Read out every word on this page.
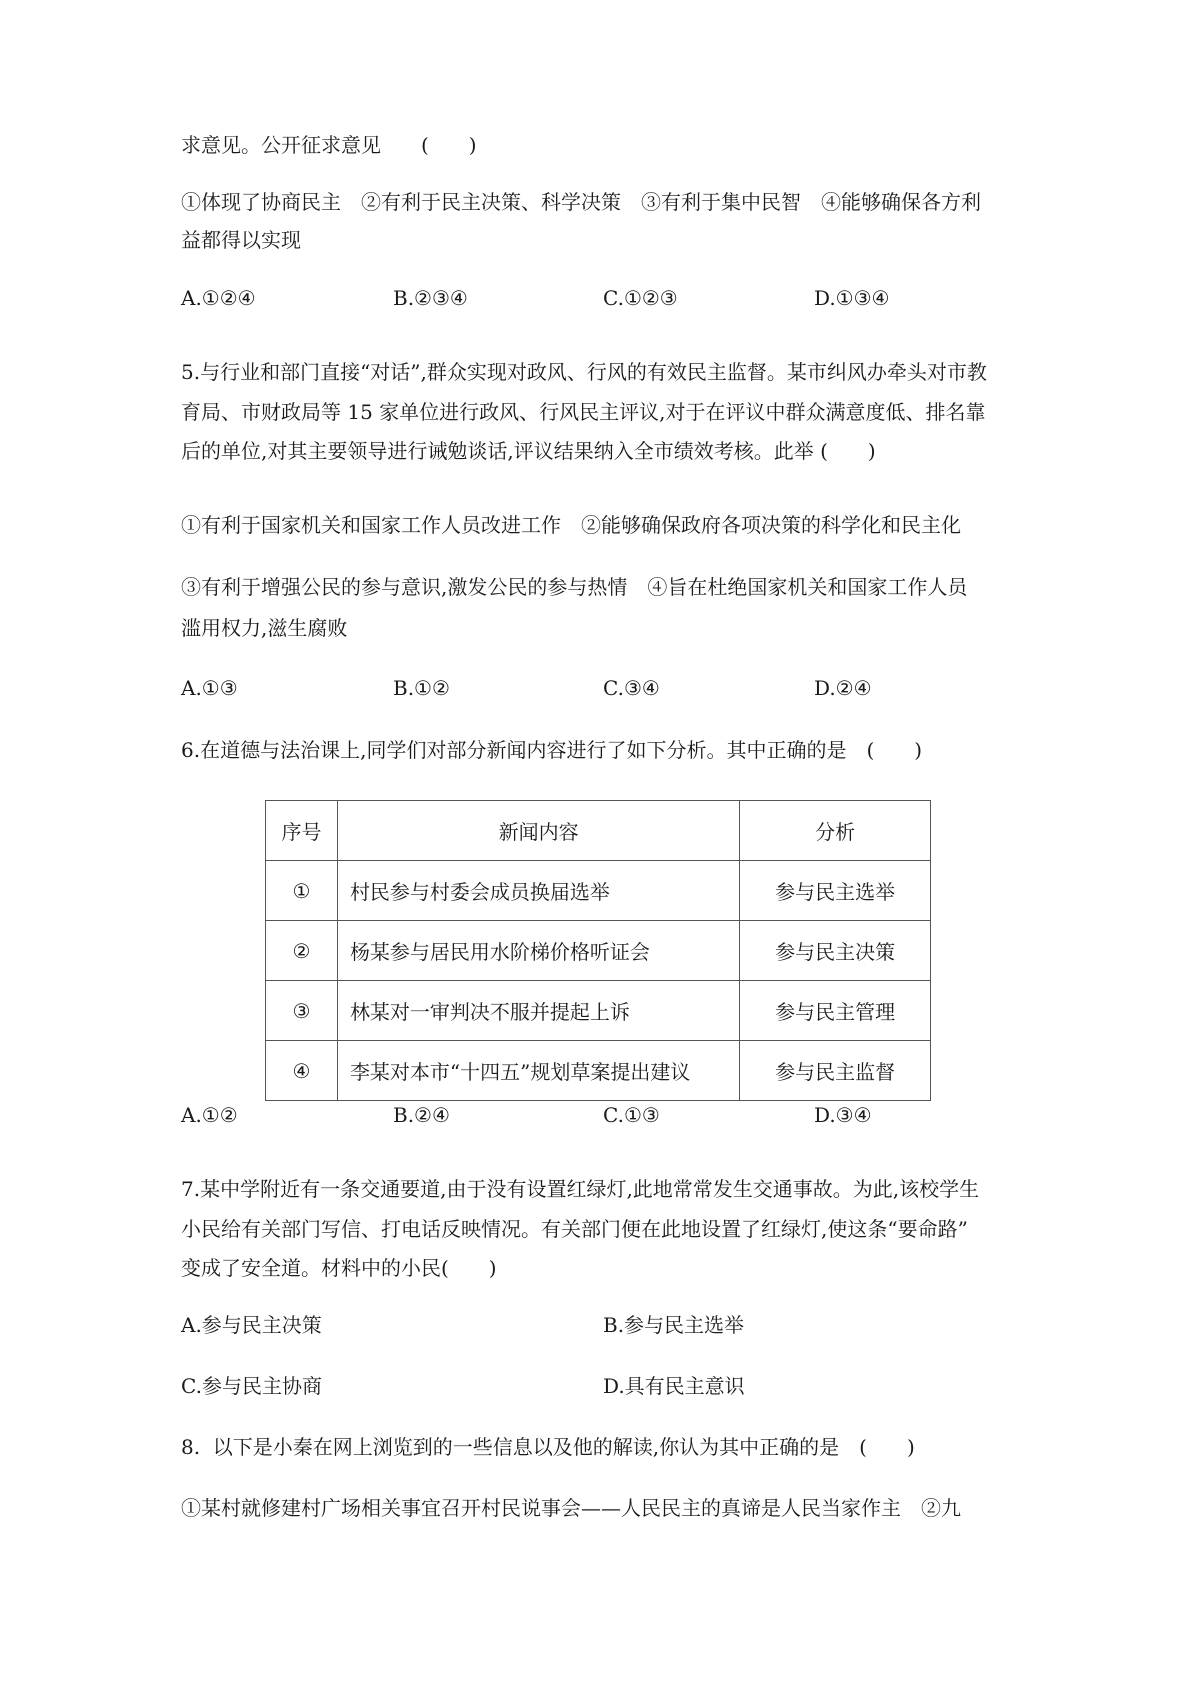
求意见。公开征求意见　　(　　)
①体现了协商民主　②有利于民主决策、科学决策　③有利于集中民智　④能够确保各方利
益都得以实现
A.①②④	B.②③④	C.①②③	D.①③④
5.与行业和部门直接“对话”,群众实现对政风、行风的有效民主监督。某市纠风办牵头对市教
育局、市财政局等 15 家单位进行政风、行风民主评议,对于在评议中群众满意度低、排名靠
后的单位,对其主要领导进行诫勉谈话,评议结果纳入全市绩效考核。此举 (　　)
①有利于国家机关和国家工作人员改进工作　②能够确保政府各项决策的科学化和民主化
③有利于增强公民的参与意识,激发公民的参与热情　④旨在杜绝国家机关和国家工作人员
滥用权力,滋生腐败
A.①③	B.①②	C.③④	D.②④
6.在道德与法治课上,同学们对部分新闻内容进行了如下分析。其中正确的是　(　　)
序号	新闻内容	分析
①	村民参与村委会成员换届选举	参与民主选举
②	杨某参与居民用水阶梯价格听证会	参与民主决策
③	林某对一审判决不服并提起上诉	参与民主管理
④	李某对本市“十四五”规划草案提出建议	参与民主监督
A.①②	B.②④	C.①③	D.③④
7.某中学附近有一条交通要道,由于没有设置红绿灯,此地常常发生交通事故。为此,该校学生
小民给有关部门写信、打电话反映情况。有关部门便在此地设置了红绿灯,使这条“要命路”
变成了安全道。材料中的小民(　　)
A.参与民主决策	B.参与民主选举
C.参与民主协商	D.具有民主意识
8.  以下是小秦在网上浏览到的一些信息以及他的解读,你认为其中正确的是　(　　)
①某村就修建村广场相关事宜召开村民说事会——人民民主的真谛是人民当家作主　②九
